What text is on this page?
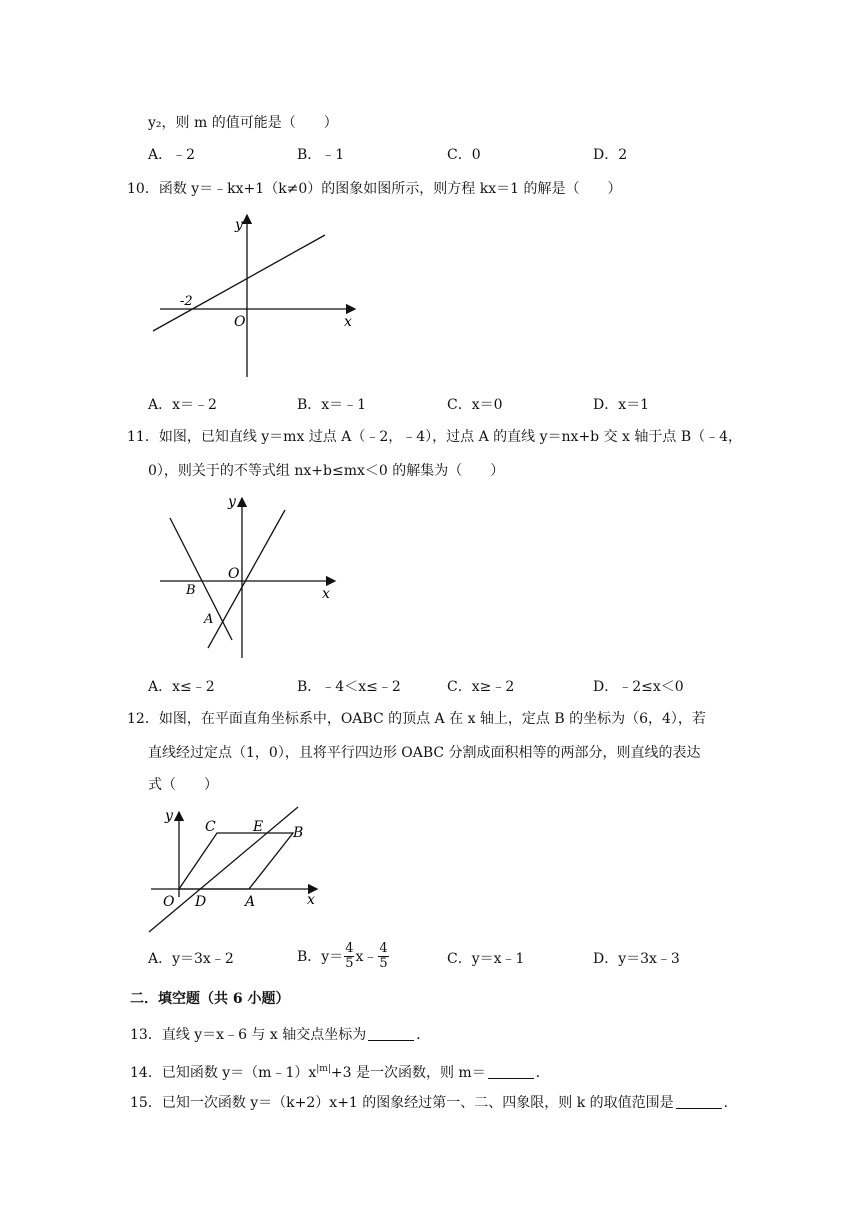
y₂，则 m 的值可能是（　　）
A．﹣2	B．﹣1	C．0	D．2
10．函数 y＝﹣kx+1（k≠0）的图象如图所示，则方程 kx＝1 的解是（　　）
y
x
O
-2
A．x＝﹣2	B．x＝﹣1	C．x＝0	D．x＝1
11．如图，已知直线 y＝mx 过点 A（﹣2，﹣4），过点 A 的直线 y＝nx+b 交 x 轴于点 B（﹣4，
0），则关于的不等式组 nx+b≤mx＜0 的解集为（　　）
y
x
O
B
A
A．x≤﹣2	B．﹣4＜x≤﹣2	C．x≥﹣2	D．﹣2≤x＜0
12．如图，在平面直角坐标系中，OABC 的顶点 A 在 x 轴上，定点 B 的坐标为（6，4），若
直线经过定点（1，0），且将平行四边形 OABC 分割成面积相等的两部分，则直线的表达
式（　　）
y
x
O D	A
C	E B
A．y＝3x﹣2	B．$y= \frac{4}{5}$ x﹣ $\frac{4}{5}$	C．y＝x﹣1	D．y＝3x﹣3
二．填空题（共 6 小题）
13．直线 y＝x﹣6 与 x 轴交点坐标为	．
14．已知函数 $y=(m﹣1)x^{|m|}+3$ 是一次函数，则 m＝	．
15．已知一次函数 y＝（k+2）x+1 的图象经过第一、二、四象限，则 k 的取值范围是	．
